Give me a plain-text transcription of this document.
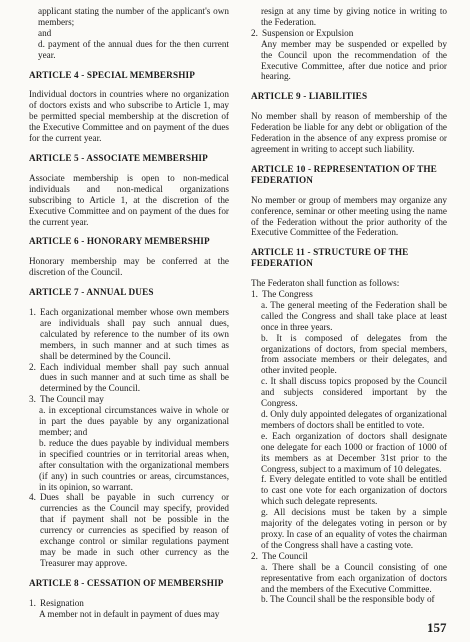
applicant stating the number of the applicant's own members;

and

d. payment of the annual dues for the then current year.

ARTICLE 4 - SPECIAL MEMBERSHIP

Individual doctors in countries where no organization of doctors exists and who subscribe to Article 1, may be permitted special membership at the discretion of the Executive Committee and on payment of the dues for the current year.

ARTICLE 5 - ASSOCIATE MEMBERSHIP

Associate membership is open to non-medical individuals and non-medical organizations subscribing to Article 1, at the discretion of the Executive Committee and on payment of the dues for the current year.

ARTICLE 6 - HONORARY MEMBERSHIP

Honorary membership may be conferred at the discretion of the Council.

ARTICLE 7 - ANNUAL DUES

1. Each organizational member whose own members are individuals shall pay such annual dues, calculated by reference to the number of its own members, in such manner and at such times as shall be determined by the Council.
2. Each individual member shall pay such annual dues in such manner and at such time as shall be determined by the Council.
3. The Council may

a. in exceptional circumstances waive in whole or in part the dues payable by any organizational member; and

b. reduce the dues payable by individual members in specified countries or in territorial areas when, after consultation with the organizational members (if any) in such countries or areas, circumstances, in its opinion, so warrant.

4. Dues shall be payable in such currency or currencies as the Council may specify, provided that if payment shall not be possible in the currency or currencies as specified by reason of exchange control or similar regulations payment may be made in such other currency as the Treasurer may approve.

ARTICLE 8 - CESSATION OF MEMBERSHIP

1. Resignation

A member not in default in payment of dues may

resign at any time by giving notice in writing to the Federation.

2. Suspension or Expulsion

Any member may be suspended or expelled by the Council upon the recommendation of the Executive Committee, after due notice and prior hearing.

ARTICLE 9 - LIABILITIES

No member shall by reason of membership of the Federation be liable for any debt or obligation of the Federation in the absence of any express promise or agreement in writing to accept such liability.

ARTICLE 10 - REPRESENTATION OF THE FEDERATION

No member or group of members may organize any conference, seminar or other meeting using the name of the Federation without the prior authority of the Executive Committee of the Federation.

ARTICLE 11 - STRUCTURE OF THE FEDERATION

The Federaton shall function as follows:

1. The Congress

a. The general meeting of the Federation shall be called the Congress and shall take place at least once in three years.

b. It is composed of delegates from the organizations of doctors, from special members, from associate members or their delegates, and other invited people.

c. It shall discuss topics proposed by the Council and subjects considered important by the Congress.

d. Only duly appointed delegates of organizational members of doctors shall be entitled to vote.

e. Each organization of doctors shall designate one delegate for each 1000 or fraction of 1000 of its members as at December 31st prior to the Congress, subject to a maximum of 10 delegates.

f. Every delegate entitled to vote shall be entitled to cast one vote for each organization of doctors which such delegate represents.

g. All decisions must be taken by a simple majority of the delegates voting in person or by proxy. In case of an equality of votes the chairman of the Congress shall have a casting vote.

2. The Council

a. There shall be a Council consisting of one representative from each organization of doctors and the members of the Executive Committee.

b. The Council shall be the responsible body of

157
